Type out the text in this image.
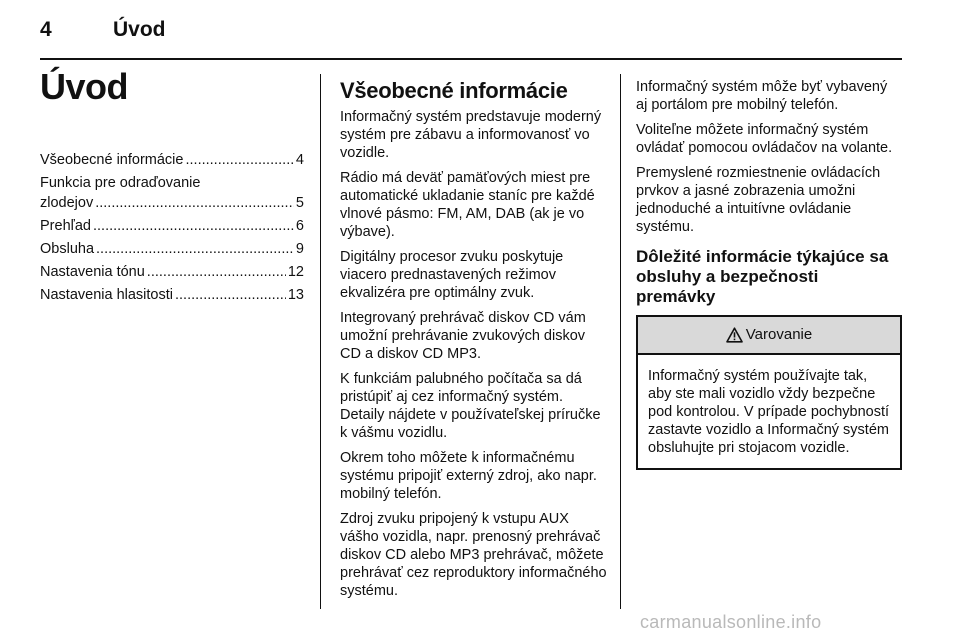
4	Úvod
Úvod
Všeobecné informácie .....	4
Funkcia pre odraďovanie
zlodejov .....	5
Prehľad .....	6
Obsluha .....	9
Nastavenia tónu .....	12
Nastavenia hlasitosti .....	13
Všeobecné informácie

Informačný systém predstavuje moderný systém pre zábavu a informovanosť vo vozidle.

Rádio má deväť pamäťových miest pre automatické ukladanie staníc pre každé vlnové pásmo: FM, AM, DAB (ak je vo výbave).

Digitálny procesor zvuku poskytuje viacero prednastavených režimov ekvalizéra pre optimálny zvuk.

Integrovaný prehrávač diskov CD vám umožní prehrávanie zvukových diskov CD a diskov CD MP3.

K funkciám palubného počítača sa dá pristúpiť aj cez informačný systém. Detaily nájdete v používateľskej príručke k vášmu vozidlu.

Okrem toho môžete k informačnému systému pripojiť externý zdroj, ako napr. mobilný telefón.

Zdroj zvuku pripojený k vstupu AUX vášho vozidla, napr. prenosný prehrávač diskov CD alebo MP3 prehrávač, môžete prehrávať cez reproduktory informačného systému.

Informačný systém môže byť vybavený aj portálom pre mobilný telefón.

Voliteľne môžete informačný systém ovládať pomocou ovládačov na volante.

Premyslené rozmiestnenie ovládacích prvkov a jasné zobrazenia umožni jednoduché a intuitívne ovládanie systému.

Dôležité informácie týkajúce sa obsluhy a bezpečnosti premávky
Varovanie
Informačný systém používajte tak, aby ste mali vozidlo vždy bezpečne pod kontrolou. V prípade pochybností zastavte vozidlo a Informačný systém obsluhujte pri stojacom vozidle.
carmanualsonline.info
